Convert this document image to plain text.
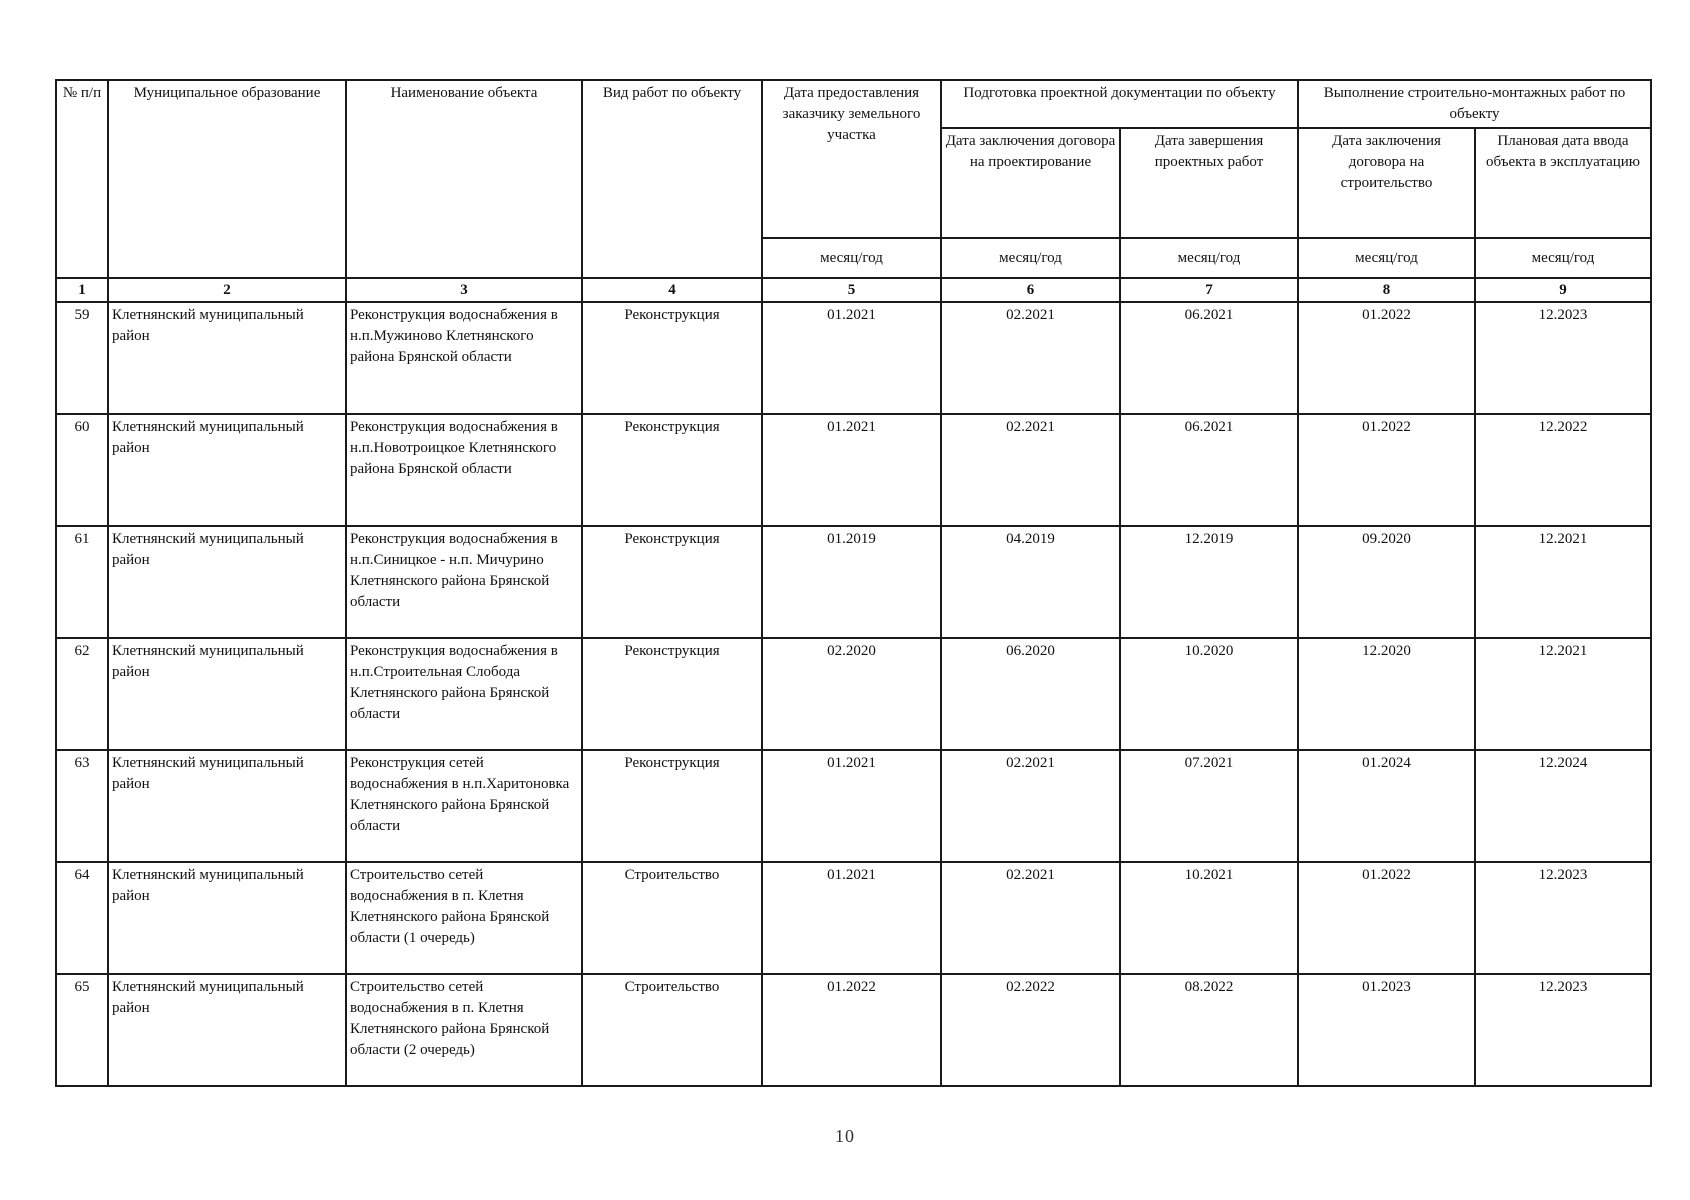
№ п/п	Муниципальное образование	Наименование объекта	Вид работ по объекту	Дата предоставления заказчику земельного участка	Подготовка проектной документации по объекту		Выполнение строительно-монтажных работ по объекту	
					Дата заключения договора на проектирование	Дата завершения проектных работ	Дата заключения договора на строительство	Плановая дата ввода объекта в эксплуатацию
				месяц/год	месяц/год	месяц/год	месяц/год	месяц/год
1	2	3	4	5	6	7	8	9
59	Клетнянский муниципальный район	Реконструкция водоснабжения в н.п.Мужиново Клетнянского района Брянской области	Реконструкция	01.2021	02.2021	06.2021	01.2022	12.2023
60	Клетнянский муниципальный район	Реконструкция водоснабжения в н.п.Новотроицкое Клетнянского района Брянской области	Реконструкция	01.2021	02.2021	06.2021	01.2022	12.2022
61	Клетнянский муниципальный район	Реконструкция водоснабжения в н.п.Синицкое - н.п. Мичурино Клетнянского района Брянской области	Реконструкция	01.2019	04.2019	12.2019	09.2020	12.2021
62	Клетнянский муниципальный район	Реконструкция водоснабжения в н.п.Строительная Слобода Клетнянского района Брянской области	Реконструкция	02.2020	06.2020	10.2020	12.2020	12.2021
63	Клетнянский муниципальный район	Реконструкция сетей водоснабжения в н.п.Харитоновка Клетнянского района Брянской области	Реконструкция	01.2021	02.2021	07.2021	01.2024	12.2024
64	Клетнянский муниципальный район	Строительство сетей водоснабжения в п. Клетня Клетнянского района Брянской области (1 очередь)	Строительство	01.2021	02.2021	10.2021	01.2022	12.2023
65	Клетнянский муниципальный район	Строительство сетей водоснабжения в п. Клетня Клетнянского района Брянской области (2 очередь)	Строительство	01.2022	02.2022	08.2022	01.2023	12.2023
10
